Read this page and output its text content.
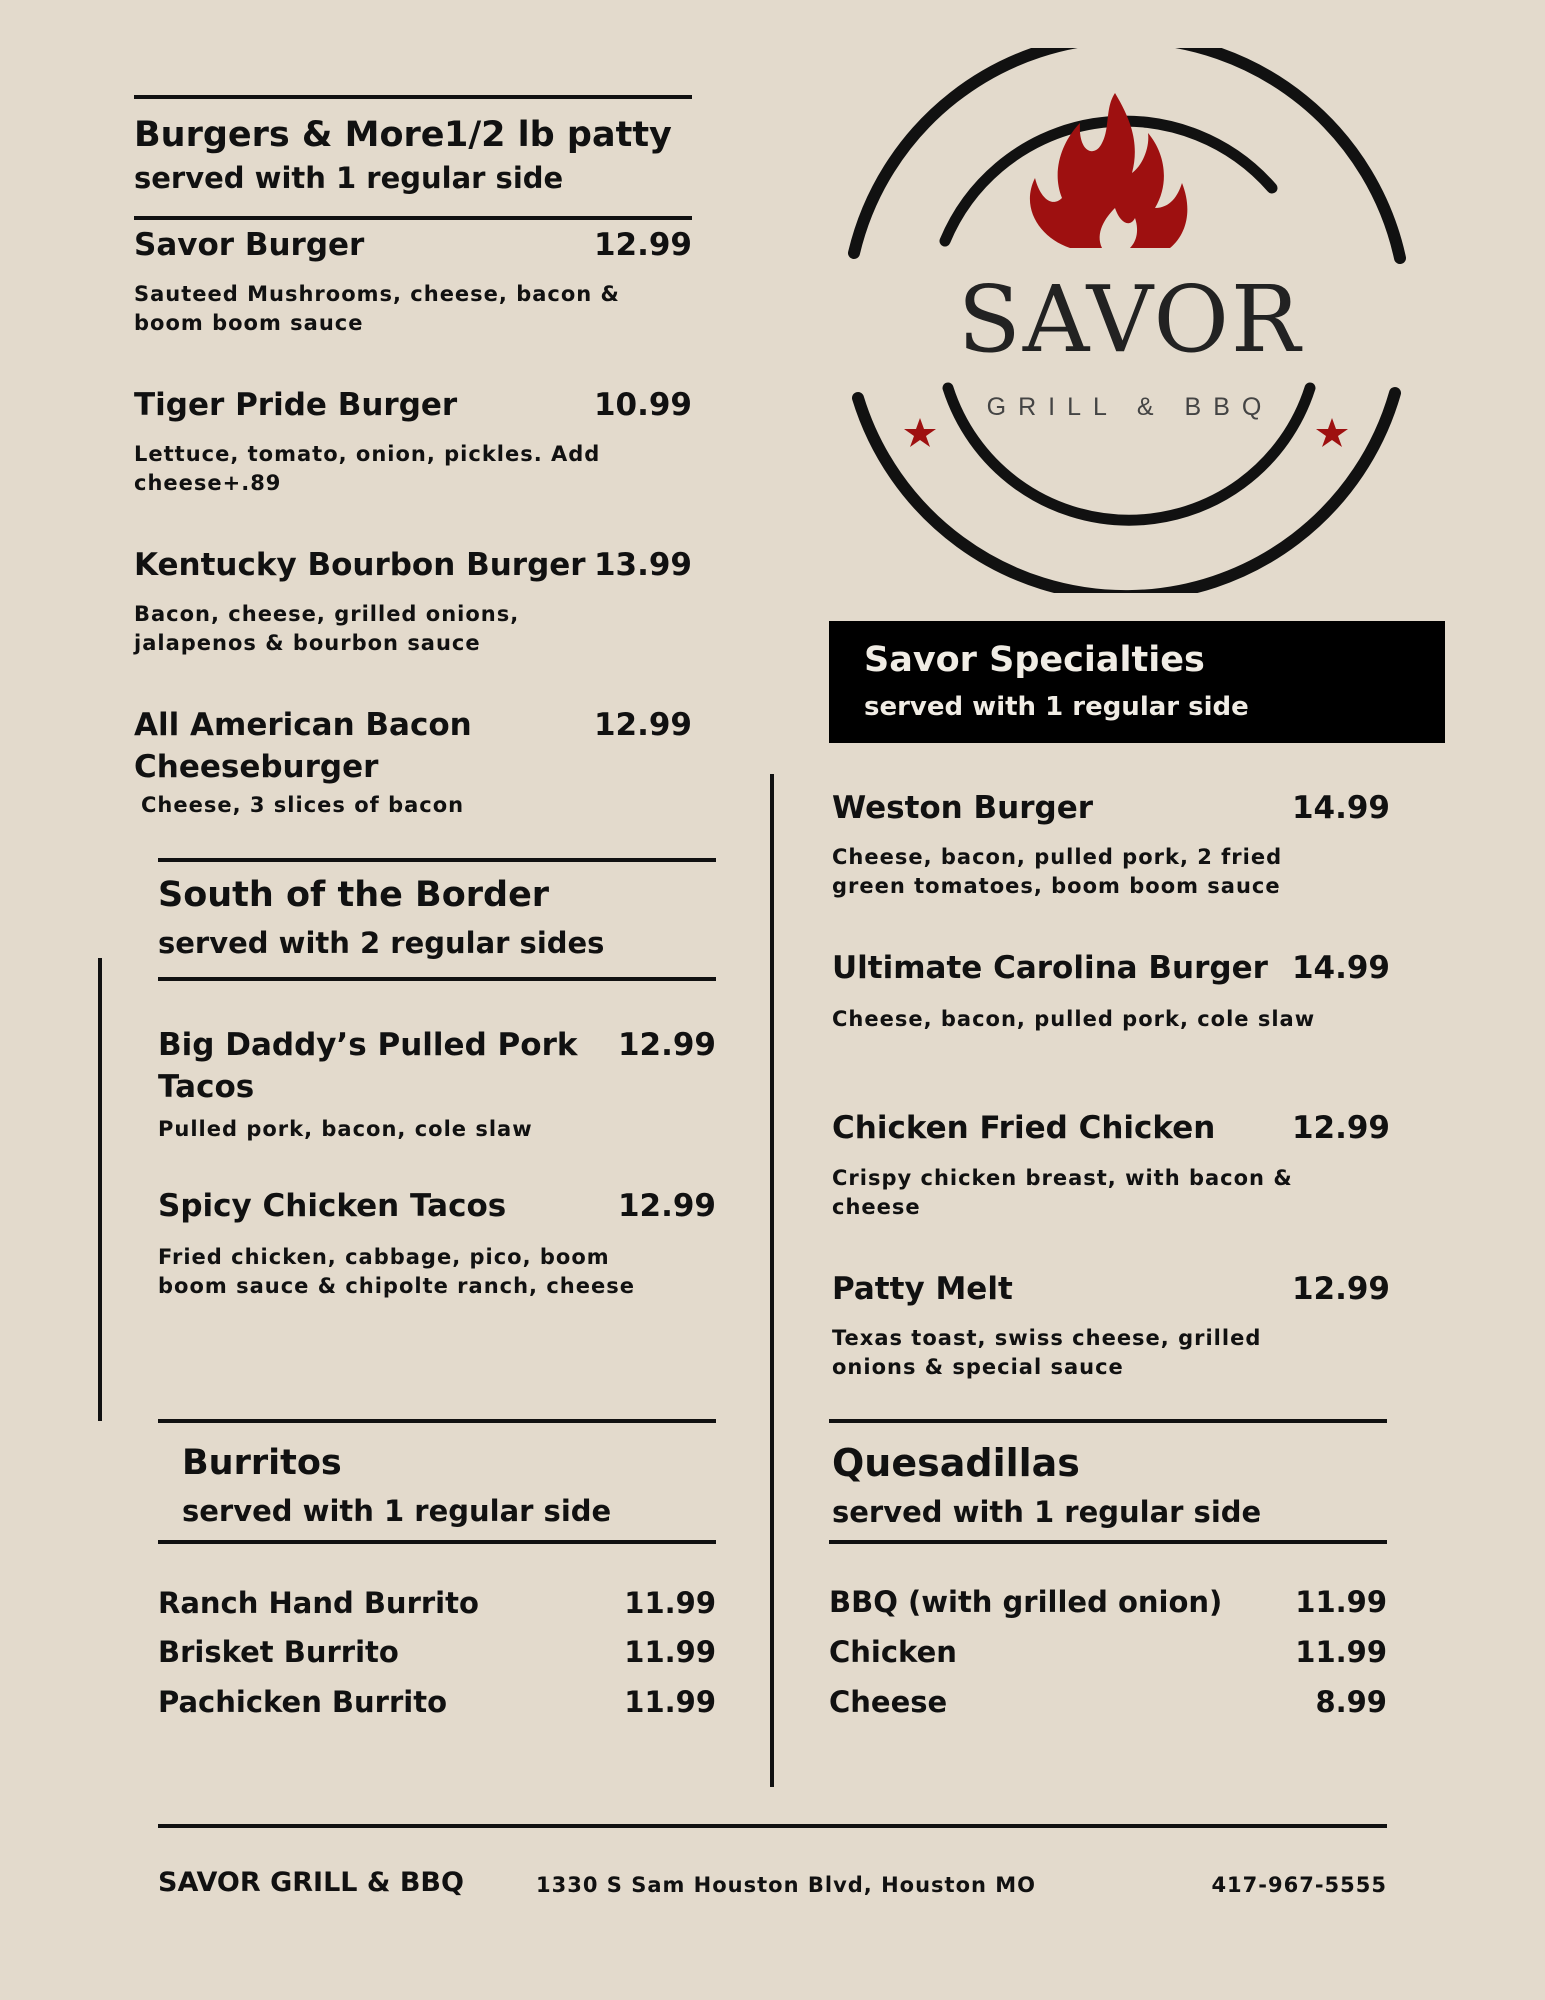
SAVOR
GRILL & BBQ
Burgers & More 1/2 lb patty
served with 1 regular side
Savor Burger	12.99
Sauteed Mushrooms, cheese, bacon & boom boom sauce
Tiger Pride Burger	10.99
Lettuce, tomato, onion, pickles. Add cheese+.89
Kentucky Bourbon Burger 13.99
Bacon, cheese, grilled onions, jalapenos & bourbon sauce
All American Bacon Cheeseburger
12.99
Cheese, 3 slices of bacon
South of the Border
served with 2 regular sides
Big Daddy’s Pulled Pork Tacos
12.99
Pulled pork, bacon, cole slaw
Spicy Chicken Tacos	12.99
Fried chicken, cabbage, pico, boom boom sauce & chipolte ranch, cheese
Burritos
served with 1 regular side
Ranch Hand Burrito	11.99
Brisket Burrito	11.99
Pachicken Burrito	11.99
Savor Specialties
served with 1 regular side
Weston Burger	14.99
Cheese, bacon, pulled pork, 2 fried green tomatoes, boom boom sauce
Ultimate Carolina Burger 14.99
Cheese, bacon, pulled pork, cole slaw
Chicken Fried Chicken	12.99
Crispy chicken breast, with bacon & cheese
Patty Melt	12.99
Texas toast, swiss cheese, grilled onions & special sauce
Quesadillas
served with 1 regular side
BBQ (with grilled onion)	11.99
Chicken	11.99
Cheese	8.99
SAVOR GRILL & BBQ	1330 S Sam Houston Blvd, Houston MO	417-967-5555
